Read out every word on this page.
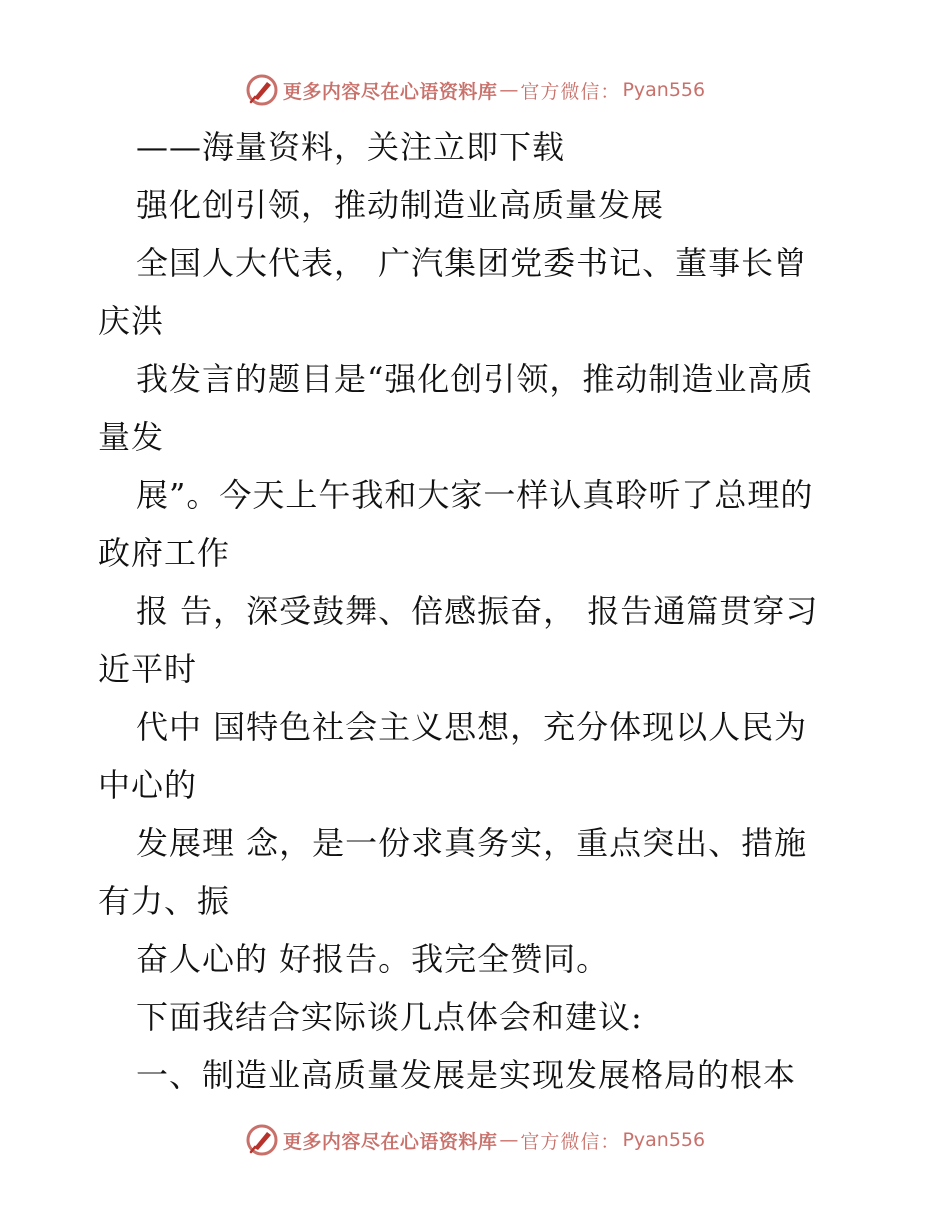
更多内容尽在心语资料库 — 官方微信： Pyan556
——海量资料，关注立即下载
强化创引领，推动制造业高质量发展
全国人大代表， 广汽集团党委书记、董事长曾
庆洪
我发言的题目是“强化创引领，推动制造业高质
量发
展”。今天上午我和大家一样认真聆听了总理的
政府工作
报 告，深受鼓舞、倍感振奋， 报告通篇贯穿习
近平时
代中 国特色社会主义思想，充分体现以人民为
中心的
发展理 念，是一份求真务实，重点突出、措施
有力、振
奋人心的 好报告。我完全赞同。
下面我结合实际谈几点体会和建议:
一、制造业高质量发展是实现发展格局的根本
更多内容尽在心语资料库 — 官方微信： Pyan556
